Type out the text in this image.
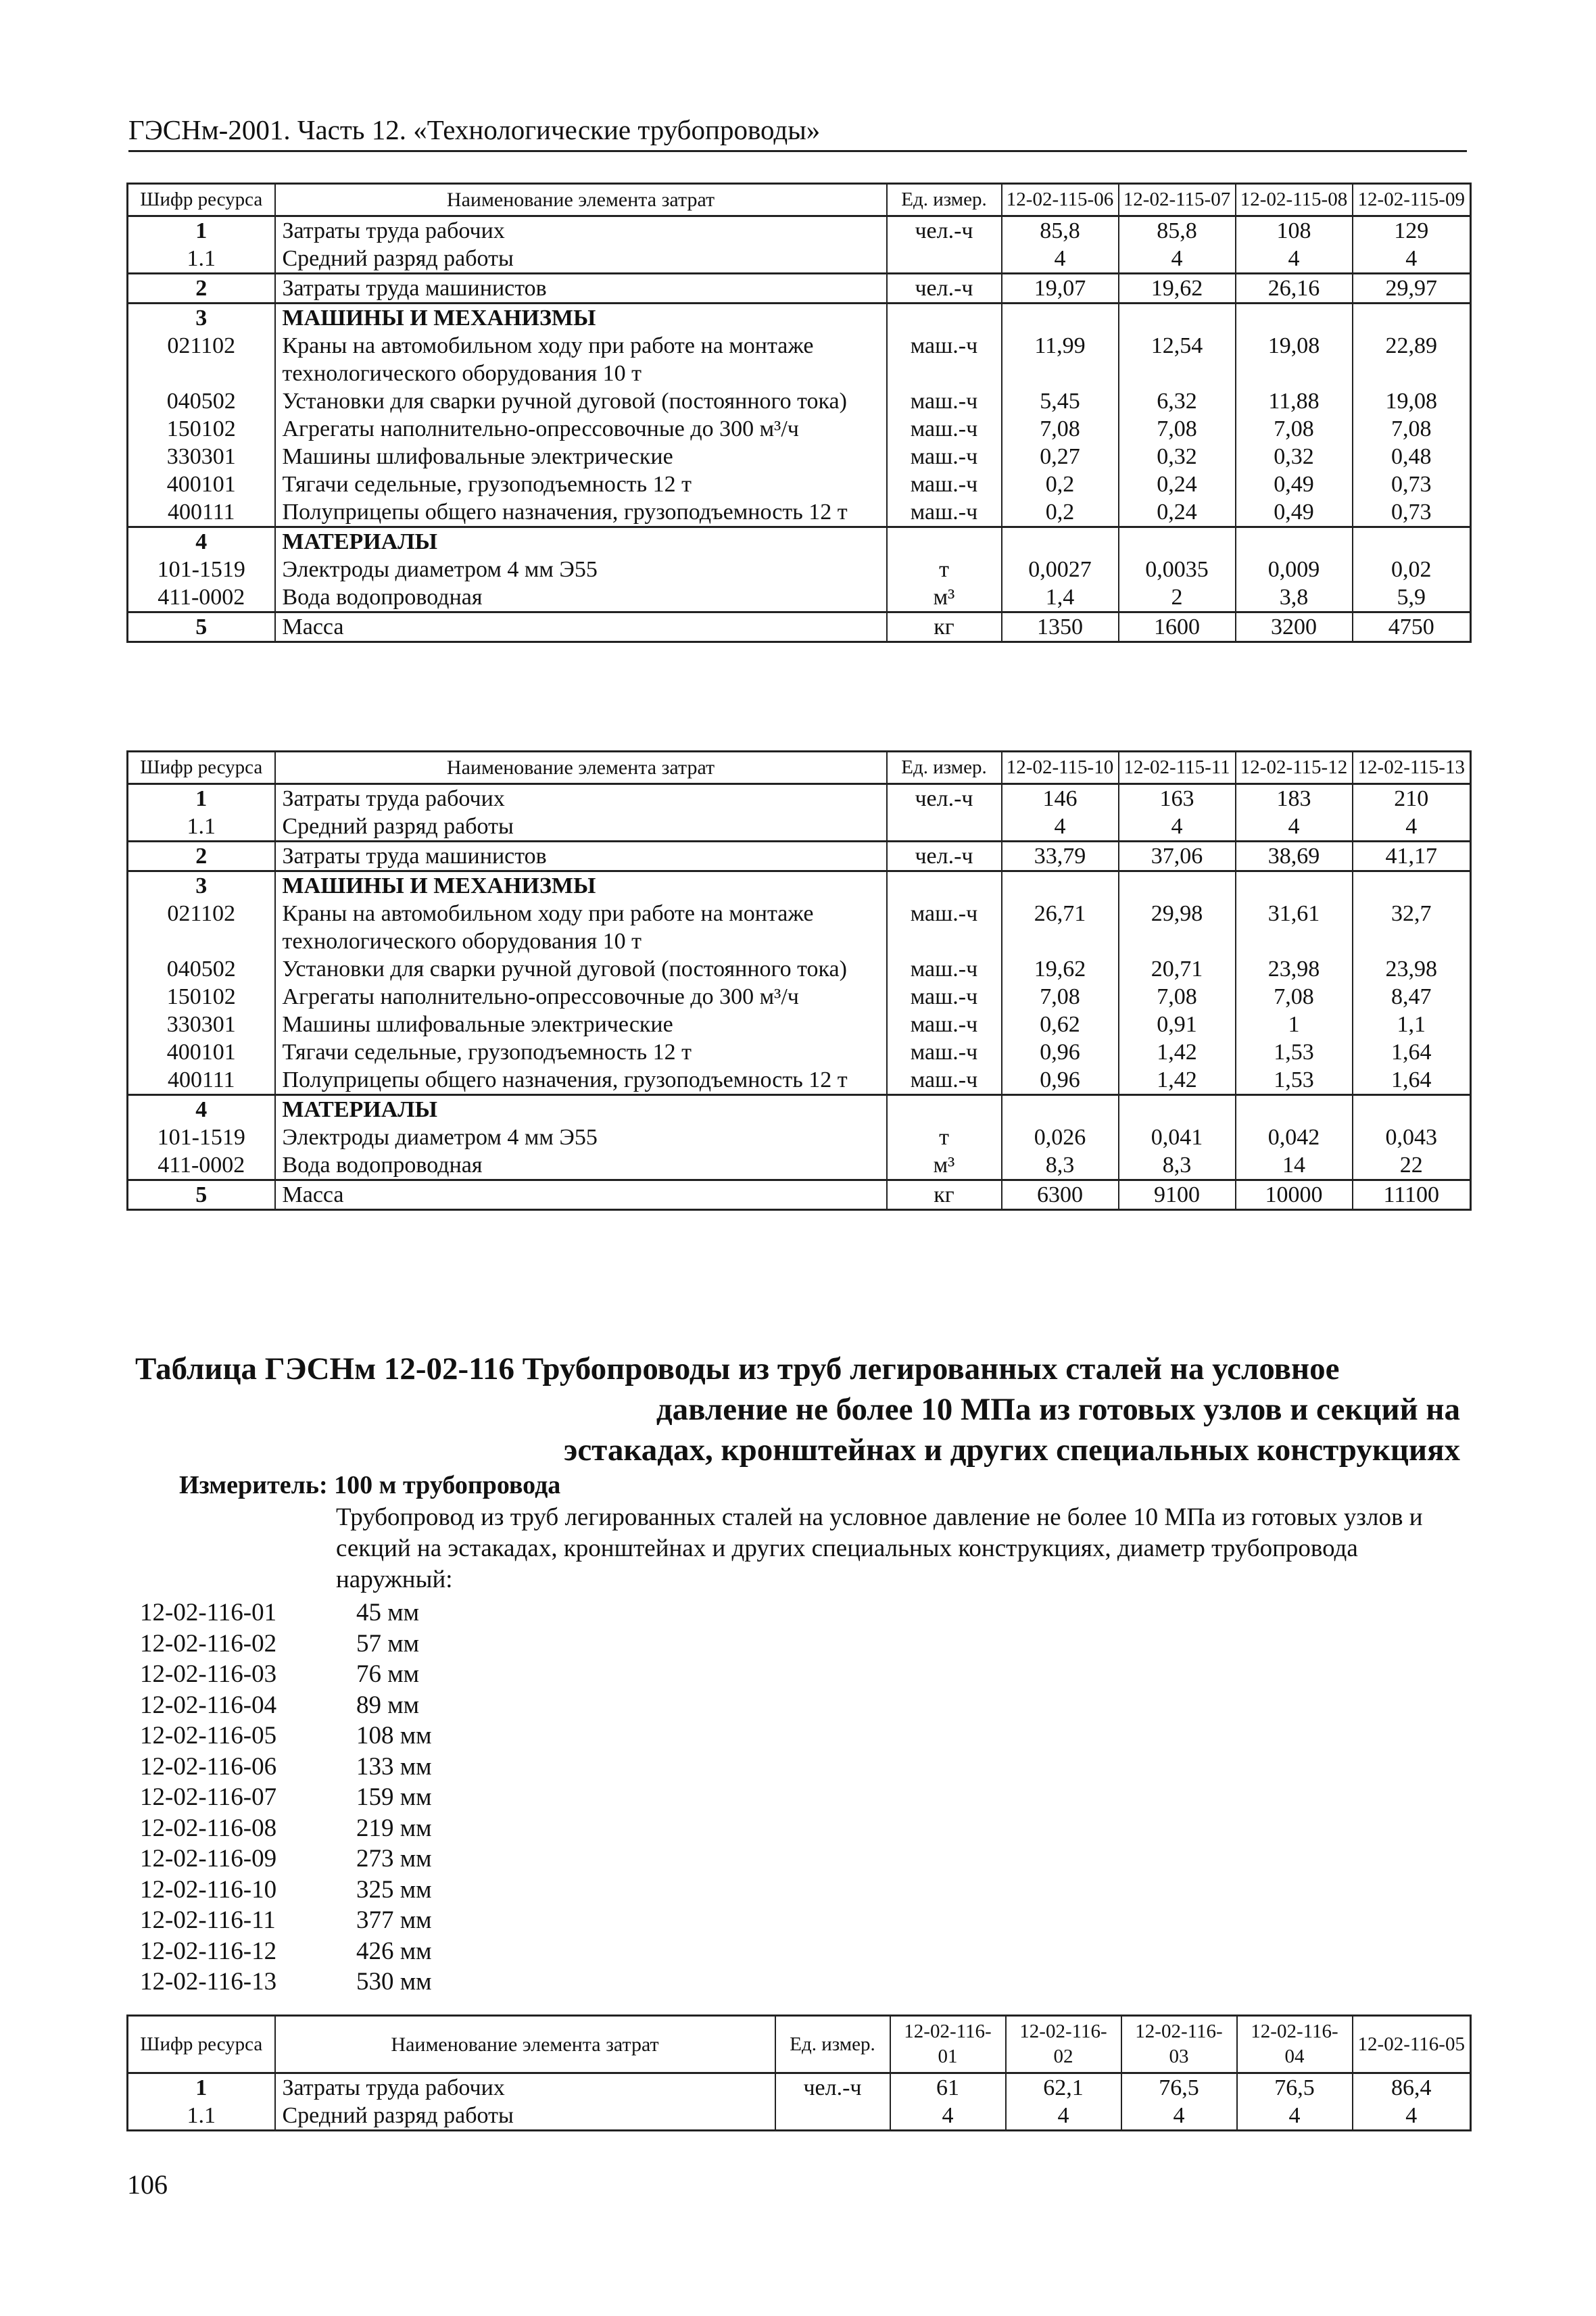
ГЭСНм-2001. Часть 12. «Технологические трубопроводы»
Шифр ресурса	Наименование элемента затрат	Ед. измер.	12-02-115-06	12-02-115-07	12-02-115-08	12-02-115-09
1	Затраты труда рабочих	чел.-ч	85,8	85,8	108	129
1.1	Средний разряд работы		4	4	4	4
2	Затраты труда машинистов	чел.-ч	19,07	19,62	26,16	29,97
3	МАШИНЫ И МЕХАНИЗМЫ					
021102	Краны на автомобильном ходу при работе на монтаже технологического оборудования 10 т	маш.-ч	11,99	12,54	19,08	22,89
040502	Установки для сварки ручной дуговой (постоянного тока)	маш.-ч	5,45	6,32	11,88	19,08
150102	Агрегаты наполнительно-опрессовочные до 300 м³/ч	маш.-ч	7,08	7,08	7,08	7,08
330301	Машины шлифовальные электрические	маш.-ч	0,27	0,32	0,32	0,48
400101	Тягачи седельные, грузоподъемность 12 т	маш.-ч	0,2	0,24	0,49	0,73
400111	Полуприцепы общего назначения, грузоподъемность 12 т	маш.-ч	0,2	0,24	0,49	0,73
4	МАТЕРИАЛЫ					
101-1519	Электроды диаметром 4 мм Э55	т	0,0027	0,0035	0,009	0,02
411-0002	Вода водопроводная	м³	1,4	2	3,8	5,9
5	Масса	кг	1350	1600	3200	4750
Шифр ресурса	Наименование элемента затрат	Ед. измер.	12-02-115-10	12-02-115-11	12-02-115-12	12-02-115-13
1	Затраты труда рабочих	чел.-ч	146	163	183	210
1.1	Средний разряд работы		4	4	4	4
2	Затраты труда машинистов	чел.-ч	33,79	37,06	38,69	41,17
3	МАШИНЫ И МЕХАНИЗМЫ					
021102	Краны на автомобильном ходу при работе на монтаже технологического оборудования 10 т	маш.-ч	26,71	29,98	31,61	32,7
040502	Установки для сварки ручной дуговой (постоянного тока)	маш.-ч	19,62	20,71	23,98	23,98
150102	Агрегаты наполнительно-опрессовочные до 300 м³/ч	маш.-ч	7,08	7,08	7,08	8,47
330301	Машины шлифовальные электрические	маш.-ч	0,62	0,91	1	1,1
400101	Тягачи седельные, грузоподъемность 12 т	маш.-ч	0,96	1,42	1,53	1,64
400111	Полуприцепы общего назначения, грузоподъемность 12 т	маш.-ч	0,96	1,42	1,53	1,64
4	МАТЕРИАЛЫ					
101-1519	Электроды диаметром 4 мм Э55	т	0,026	0,041	0,042	0,043
411-0002	Вода водопроводная	м³	8,3	8,3	14	22
5	Масса	кг	6300	9100	10000	11100
Таблица ГЭСНм 12-02-116 Трубопроводы из труб легированных сталей на условное
давление не более 10 МПа из готовых узлов и секций на
эстакадах, кронштейнах и других специальных конструкциях
Измеритель: 100 м трубопровода
Трубопровод из труб легированных сталей на условное давление не более 10 МПа из готовых узлов и секций на эстакадах, кронштейнах и других специальных конструкциях, диаметр трубопровода наружный:
12-02-116-01	45 мм
12-02-116-02	57 мм
12-02-116-03	76 мм
12-02-116-04	89 мм
12-02-116-05	108 мм
12-02-116-06	133 мм
12-02-116-07	159 мм
12-02-116-08	219 мм
12-02-116-09	273 мм
12-02-116-10	325 мм
12-02-116-11	377 мм
12-02-116-12	426 мм
12-02-116-13	530 мм
Шифр ресурса	Наименование элемента затрат	Ед. измер.	12-02-116-01	12-02-116-02	12-02-116-03	12-02-116-04	12-02-116-05
1	Затраты труда рабочих	чел.-ч	61	62,1	76,5	76,5	86,4
1.1	Средний разряд работы		4	4	4	4	4
106
